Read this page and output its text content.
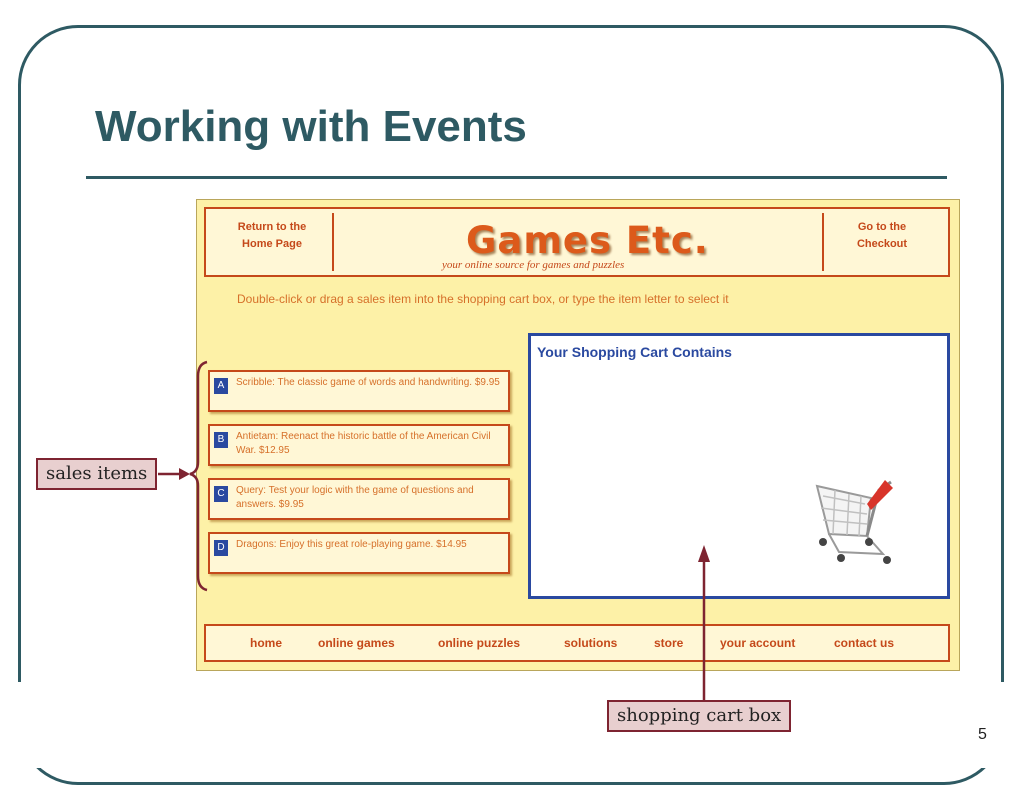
Working with Events
Return to the
Home Page	Games Etc.
your online source for games and puzzles
Go to the
Checkout
Double-click or drag a sales item into the shopping cart box, or type the item letter to select it
A	Scribble: The classic game of words and handwriting. $9.95
B	Antietam: Reenact the historic battle of the American Civil War. $12.95
C	Query: Test your logic with the game of questions and answers. $9.95
D	Dragons: Enjoy this great role-playing game. $14.95
Your Shopping Cart Contains
home	online games	online puzzles	solutions	store	your account	contact us
sales items
shopping cart box
5
